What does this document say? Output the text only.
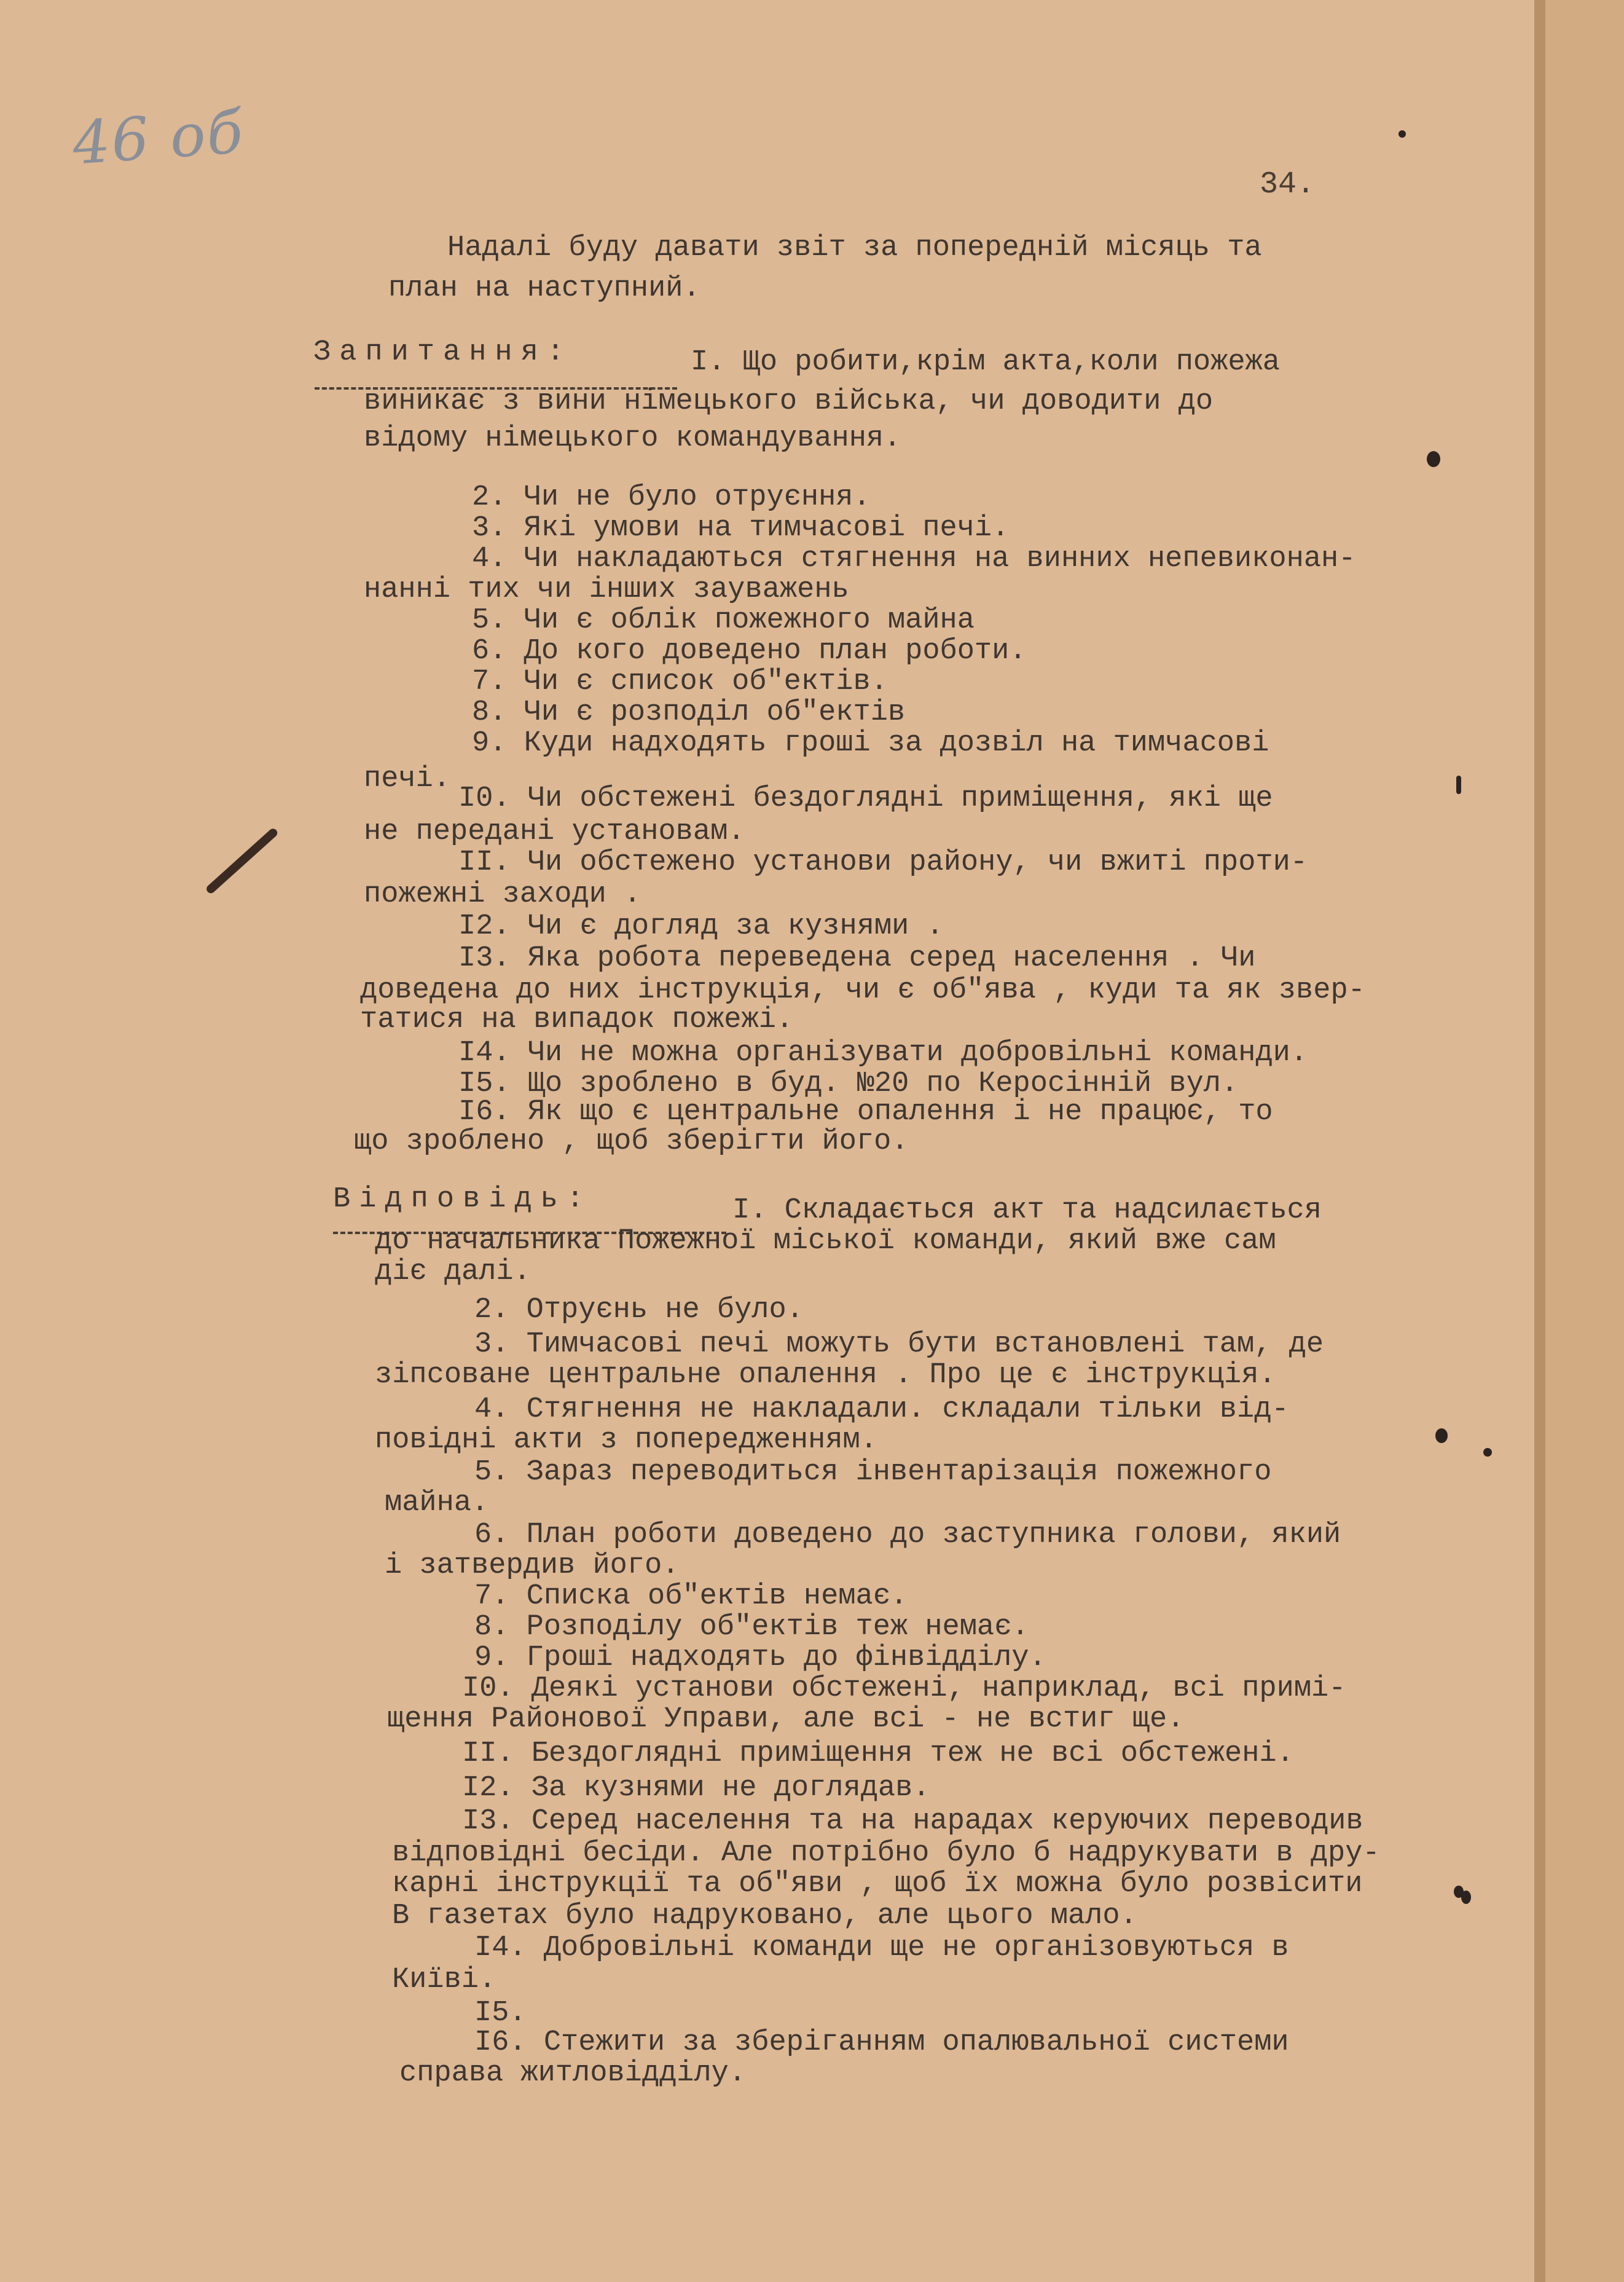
46 об
34.
Надалі буду давати звіт за попередній місяць та
план на наступний.
Запитання:	І. Що робити,крім акта,коли пожежа
виникає з вини німецького війська, чи доводити до
відому німецького командування.
2. Чи не було отруєння.
3. Які умови на тимчасові печі.
4. Чи накладаються стягнення на винних непевиконан-
нанні тих чи інших зауважень
5. Чи є облік пожежного майна
6. До кого доведено план роботи.
7. Чи є список об"ектів.
8. Чи є розподіл об"ектів
9. Куди надходять гроші за дозвіл на тимчасові
печі.
І0. Чи обстежені бездоглядні приміщення, які ще
не передані установам.
ІІ. Чи обстежено установи району, чи вжиті проти-
пожежні заходи .
І2. Чи є догляд за кузнями .
І3. Яка робота переведена серед населення . Чи
доведена до них інструкція, чи є об"ява , куди та як звер-
татися на випадок пожежі.
І4. Чи не можна організувати добровільні команди.
І5. Що зроблено в буд. №20 по Керосінній вул.
І6. Як що є центральне опалення і не працює, то
що зроблено , щоб зберігти його.
Відповідь:	І. Складається акт та надсилається
до начальника Пожежної міської команди, який вже сам
діє далі.
2. Отруєнь не було.
3. Тимчасові печі можуть бути встановлені там, де
зіпсоване центральне опалення . Про це є інструкція.
4. Стягнення не накладали. складали тільки від-
повідні акти з попередженням.
5. Зараз переводиться інвентарізація пожежного
майна.
6. План роботи доведено до заступника голови, який
і затвердив його.
7. Списка об"ектів немає.
8. Розподілу об"ектів теж немає.
9. Гроші надходять до фінвідділу.
І0. Деякі установи обстежені, наприклад, всі примі-
щення Районової Управи, але всі - не встиг ще.
ІІ. Бездоглядні приміщення теж не всі обстежені.
І2. За кузнями не доглядав.
І3. Серед населення та на нарадах керуючих переводив
відповідні бесіди. Але потрібно було б надрукувати в дру-
карні інструкції та об"яви , щоб їх можна було розвісити
В газетах було надруковано, але цього мало.
І4. Добровільні команди ще не організовуються в
Київі.
І5.
І6. Стежити за зберіганням опалювальної системи
справа житловідділу.
